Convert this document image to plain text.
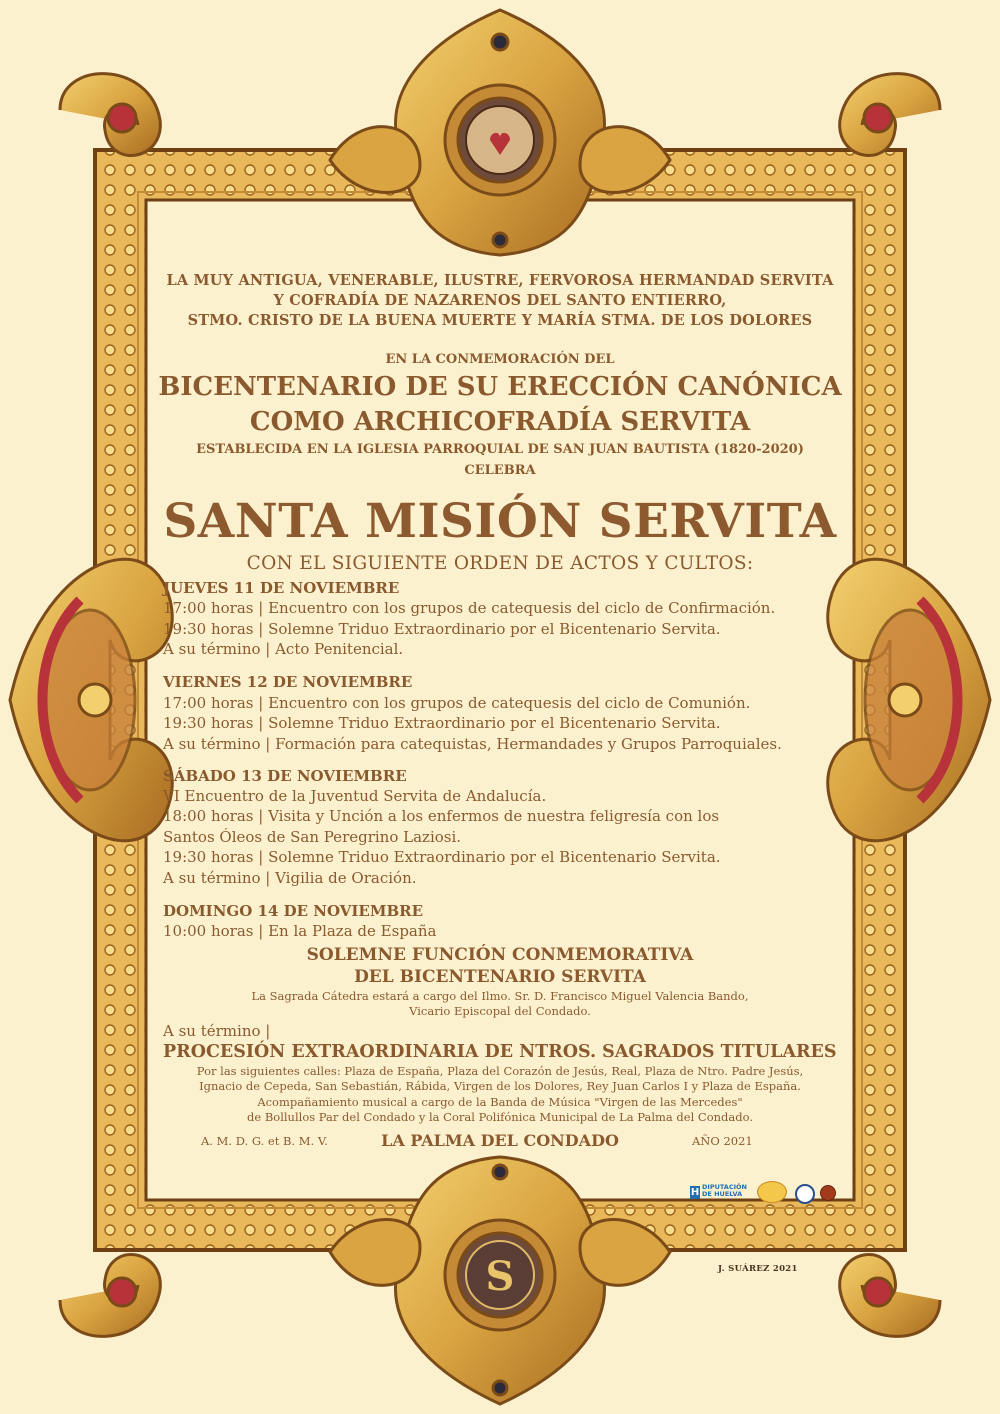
S
LA MUY ANTIGUA, VENERABLE, ILUSTRE, FERVOROSA HERMANDAD SERVITA
Y COFRADÍA DE NAZARENOS DEL SANTO ENTIERRO,
STMO. CRISTO DE LA BUENA MUERTE Y MARÍA STMA. DE LOS DOLORES
EN LA CONMEMORACIÓN DEL
BICENTENARIO DE SU ERECCIÓN CANÓNICA
COMO ARCHICOFRADÍA SERVITA
ESTABLECIDA EN LA IGLESIA PARROQUIAL DE SAN JUAN BAUTISTA (1820-2020)
CELEBRA
SANTA MISIÓN SERVITA
CON EL SIGUIENTE ORDEN DE ACTOS Y CULTOS:
JUEVES 11 DE NOVIEMBRE
17:00 horas | Encuentro con los grupos de catequesis del ciclo de Confirmación.
19:30 horas | Solemne Triduo Extraordinario por el Bicentenario Servita.
A su término | Acto Penitencial.
VIERNES 12 DE NOVIEMBRE
17:00 horas | Encuentro con los grupos de catequesis del ciclo de Comunión.
19:30 horas | Solemne Triduo Extraordinario por el Bicentenario Servita.
A su término | Formación para catequistas, Hermandades y Grupos Parroquiales.
SÁBADO 13 DE NOVIEMBRE
VI Encuentro de la Juventud Servita de Andalucía.
18:00 horas | Visita y Unción a los enfermos de nuestra feligresía con los
Santos Óleos de San Peregrino Laziosi.
19:30 horas | Solemne Triduo Extraordinario por el Bicentenario Servita.
A su término | Vigilia de Oración.
DOMINGO 14 DE NOVIEMBRE
10:00 horas | En la Plaza de España
SOLEMNE FUNCIÓN CONMEMORATIVA
DEL BICENTENARIO SERVITA
La Sagrada Cátedra estará a cargo del Ilmo. Sr. D. Francisco Miguel Valencia Bando,
Vicario Episcopal del Condado.
A su término |
PROCESIÓN EXTRAORDINARIA DE NTROS. SAGRADOS TITULARES
Por las siguientes calles: Plaza de España, Plaza del Corazón de Jesús, Real, Plaza de Ntro. Padre Jesús,
Ignacio de Cepeda, San Sebastián, Rábida, Virgen de los Dolores, Rey Juan Carlos I y Plaza de España.
Acompañamiento musical a cargo de la Banda de Música "Virgen de las Mercedes"
de Bollullos Par del Condado y la Coral Polifónica Municipal de La Palma del Condado.
A. M. D. G. et B. M. V.	LA PALMA DEL CONDADO	AÑO 2021
H DIPUTACIÓN
DE HUELVA
J. SUÁREZ 2021
